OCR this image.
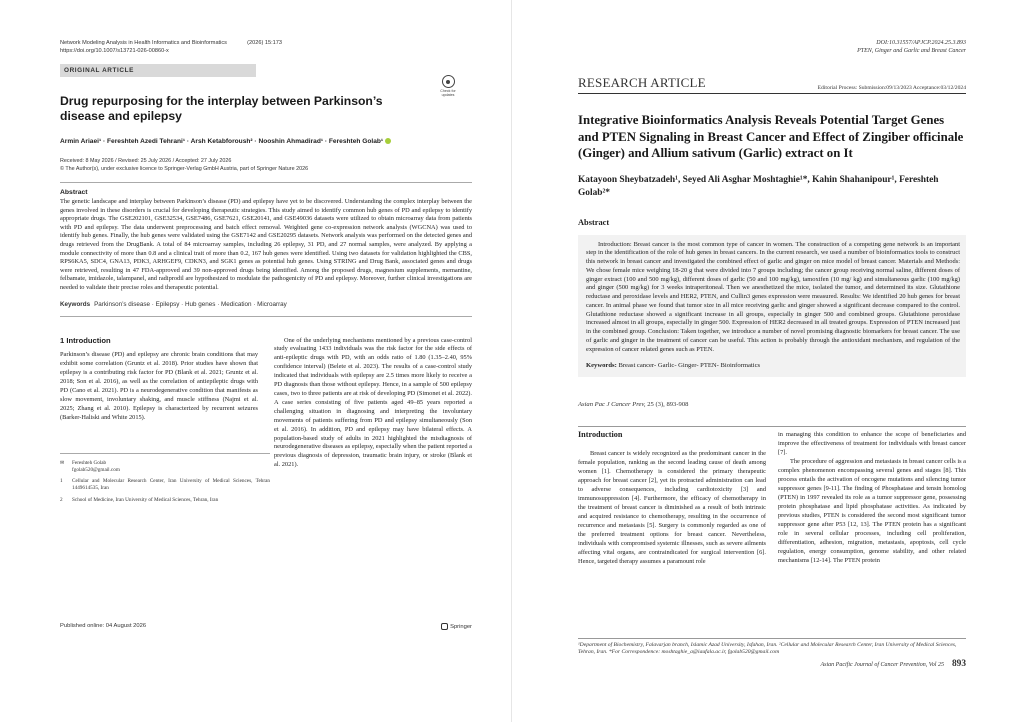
Network Modeling Analysis in Health Informatics and Bioinformatics	(2026) 15:173
https://doi.org/10.1007/s13721-026-00860-x
ORIGINAL ARTICLE
Drug repurposing for the interplay between Parkinson’s disease and epilepsy
Armin Ariaei¹ · Fereshteh Azedi Tehrani¹ · Arsh Ketabforoush² · Nooshin Ahmadirad¹ · Fereshteh Golab¹
Received: 8 May 2026 / Revised: 25 July 2026 / Accepted: 27 July 2026
© The Author(s), under exclusive licence to Springer-Verlag GmbH Austria, part of Springer Nature 2026
Abstract
The genetic landscape and interplay between Parkinson’s disease (PD) and epilepsy have yet to be discovered. Understanding the complex interplay between the genes involved in these disorders is crucial for developing therapeutic strategies. This study aimed to identify common hub genes of PD and epilepsy to identify appropriate drugs. The GSE202101, GSE32534, GSE7486, GSE7621, GSE20141, and GSE49036 datasets were utilized to obtain microarray data from patients with PD and epilepsy. The data underwent preprocessing and batch effect removal. Weighted gene co-expression network analysis (WGCNA) was used to identify hub genes. Finally, the hub genes were validated using the GSE7142 and GSE20295 datasets. Network analysis was performed on the detected genes and drugs retrieved from the DrugBank. A total of 84 microarray samples, including 26 epilepsy, 31 PD, and 27 normal samples, were analyzed. By applying a module connectivity of more than 0.8 and a clinical trait of more than 0.2, 167 hub genes were identified. Using two datasets for validation highlighted the CBS, RPS6KA5, SDC4, GNA13, PDK3, ARHGEF9, CDKN3, and SGK1 genes as potential hub genes. Using STRING and Drug Bank, associated genes and drugs were retrieved, resulting in 47 FDA-approved and 39 non-approved drugs being identified. Among the proposed drugs, magnesium supplements, memantine, felbamate, imidazole, talampanel, and radiprodil are hypothesized to modulate the pathogenicity of PD and epilepsy. Moreover, further clinical investigations are needed to validate their precise roles and therapeutic potential.
Keywords Parkinson’s disease · Epilepsy · Hub genes · Medication · Microarray
1 Introduction
Parkinson’s disease (PD) and epilepsy are chronic brain conditions that may exhibit some correlation (Gruntz et al. 2018). Prior studies have shown that epilepsy is a contributing risk factor for PD (Blank et al. 2021; Gruntz et al. 2018; Son et al. 2016), as well as the correlation of antiepileptic drugs with PD (Cano et al. 2021). PD is a neurodegenerative condition that manifests as slow movement, involuntary shaking, and muscle stiffness (Najmi et al. 2025; Zhang et al. 2010). Epilepsy is characterized by recurrent seizures (Barker-Haliski and White 2015).
✉	Fereshteh Golab
fgolab520@gmail.com
1	Cellular and Molecular Research Center, Iran University of Medical Sciences, Tehran 1449614535, Iran
2	School of Medicine, Iran University of Medical Sciences, Tehran, Iran
One of the underlying mechanisms mentioned by a previous case-control study evaluating 1433 individuals was the risk factor for the side effects of anti-epileptic drugs with PD, with an odds ratio of 1.80 (1.35–2.40, 95% confidence interval) (Belete et al. 2023). The results of a case-control study indicated that individuals with epilepsy are 2.5 times more likely to receive a PD diagnosis than those without epilepsy. Hence, in a sample of 500 epilepsy cases, two to three patients are at risk of developing PD (Simonet et al. 2022). A case series consisting of five patients aged 49–85 years reported a challenging situation in diagnosing and interpreting the involuntary movements of patients suffering from PD and epilepsy simultaneously (Son et al. 2016). In addition, PD and epilepsy may have bilateral effects. A population-based study of adults in 2021 highlighted the misdiagnosis of neurodegenerative diseases as epilepsy, especially when the patient reported a previous diagnosis of depression, traumatic brain injury, or stroke (Blank et al. 2021).
Published online: 04 August 2026	Springer
Check for updates
DOI:10.31557/APJCP.2024.25.3.893
PTEN, Ginger and Garlic and Breast Cancer
RESEARCH ARTICLE	Editorial Process: Submission:09/13/2023 Acceptance:03/12/2024
Integrative Bioinformatics Analysis Reveals Potential Target Genes and PTEN Signaling in Breast Cancer and Effect of Zingiber officinale (Ginger) and Allium sativum (Garlic) extract on It
Katayoon Sheybatzadeh¹, Seyed Ali Asghar Moshtaghie¹*, Kahin Shahanipour¹, Fereshteh Golab²*
Abstract
Introduction: Breast cancer is the most common type of cancer in women. The construction of a competing gene network is an important step in the identification of the role of hub genes in breast cancers. In the current research, we used a number of bioinformatics tools to construct this network in breast cancer and investigated the combined effect of garlic and ginger on mice model of breast cancer. Materials and Methods: We chose female mice weighing 18-20 g that were divided into 7 groups including; the cancer group receiving normal saline, different doses of ginger extract (100 and 500 mg/kg), different doses of garlic (50 and 100 mg/kg), tamoxifen (10 mg/ kg) and simultaneous garlic (100 mg/kg) and ginger (500 mg/kg) for 3 weeks intraperitoneal. Then we anesthetized the mice, isolated the tumor, and determined its size. Glutathione reductase and peroxidase levels and HER2, PTEN, and Cullin3 genes expression were measured. Results: We identified 20 hub genes for breast cancer. In animal phase we found that tumor size in all mice receiving garlic and ginger showed a significant decrease compared to the control. Glutathione reductase showed a significant increase in all groups, especially in ginger 500 and combined groups. Glutathione peroxidase increased almost in all groups, especially in ginger 500. Expression of HER2 decreased in all treated groups. Expression of PTEN increased just in the combined group. Conclusion: Taken together, we introduce a number of novel promising diagnostic biomarkers for breast cancer. The use of garlic and ginger in the treatment of cancer can be useful. This action is probably through the antioxidant mechanism, and regulation of the expression of cancer related genes such as PTEN.
Keywords: Breast cancer- Garlic- Ginger- PTEN- Bioinformatics
Asian Pac J Cancer Prev, 25 (3), 893-908
Introduction
Breast cancer is widely recognized as the predominant cancer in the female population, ranking as the second leading cause of death among women [1]. Chemotherapy is considered the primary therapeutic approach for breast cancer [2], yet its protracted administration can lead to adverse consequences, including cardiotoxicity [3] and immunosuppression [4]. Furthermore, the efficacy of chemotherapy in the treatment of breast cancer is diminished as a result of both intrinsic and acquired resistance to chemotherapy, resulting in the occurrence of recurrence and metastasis [5]. Surgery is commonly regarded as one of the preferred treatment options for breast cancer. Nevertheless, individuals with compromised systemic illnesses, such as severe ailments affecting vital organs, are contraindicated for surgical intervention [6]. Hence, targeted therapy assumes a paramount role
in managing this condition to enhance the scope of beneficiaries and improve the effectiveness of treatment for individuals with breast cancer [7].
The procedure of aggression and metastasis in breast cancer cells is a complex phenomenon encompassing several genes and stages [8]. This process entails the activation of oncogene mutations and silencing tumor suppressor genes [9-11]. The finding of Phosphatase and tensin homolog (PTEN) in 1997 revealed its role as a tumor suppressor gene, possessing protein phosphatase and lipid phosphatase activities. As indicated by previous studies, PTEN is considered the second most significant tumor suppressor gene after P53 [12, 13]. The PTEN protein has a significant role in several cellular processes, including cell proliferation, differentiation, adhesion, migration, metastasis, apoptosis, cell cycle regulation, energy consumption, genome stability, and other related mechanisms [12-14]. The PTEN protein
¹Department of Biochemistry, Falavarjan branch, Islamic Azad University, Isfahan, Iran. ²Cellular and Molecular Research Center, Iran University of Medical Sciences, Tehran, Iran. *For Correspondence: moshtaghie_a@iaufala.ac.ir, fgolab520@gmail.com
Asian Pacific Journal of Cancer Prevention, Vol 25 893
